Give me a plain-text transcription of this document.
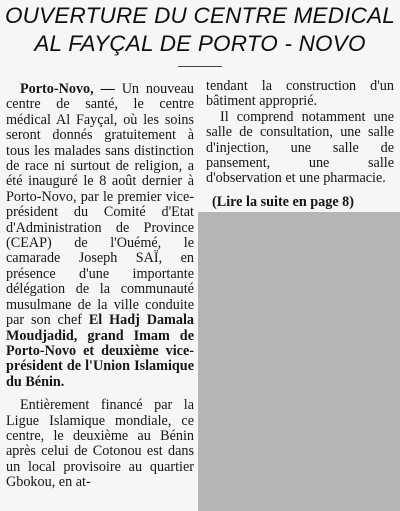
OUVERTURE DU CENTRE MEDICAL
AL FAYÇAL DE PORTO - NOVO

Porto-Novo, — Un nouveau centre de santé, le centre médical Al Fayçal, où les soins seront donnés gratuitement à tous les malades sans distinction de race ni surtout de religion, a été inauguré le 8 août dernier à Porto-Novo, par le premier vice-président du Comité d'Etat d'Administration de Province (CEAP) de l'Ouémé, le camarade Joseph SAÏ, en présence d'une importante délégation de la communauté musulmane de la ville conduite par son chef El Hadj Damala Moudjadid, grand Imam de Porto-Novo et deuxième vice-président de l'Union Islamique du Bénin.

Entièrement financé par la Ligue Islamique mondiale, ce centre, le deuxième au Bénin après celui de Cotonou est dans un local provisoire au quartier Gbokou, en at-

tendant la construction d'un bâtiment approprié.

Il comprend notamment une salle de consultation, une salle d'injection, une salle de pansement, une salle d'observation et une pharmacie.

(Lire la suite en page 8)
